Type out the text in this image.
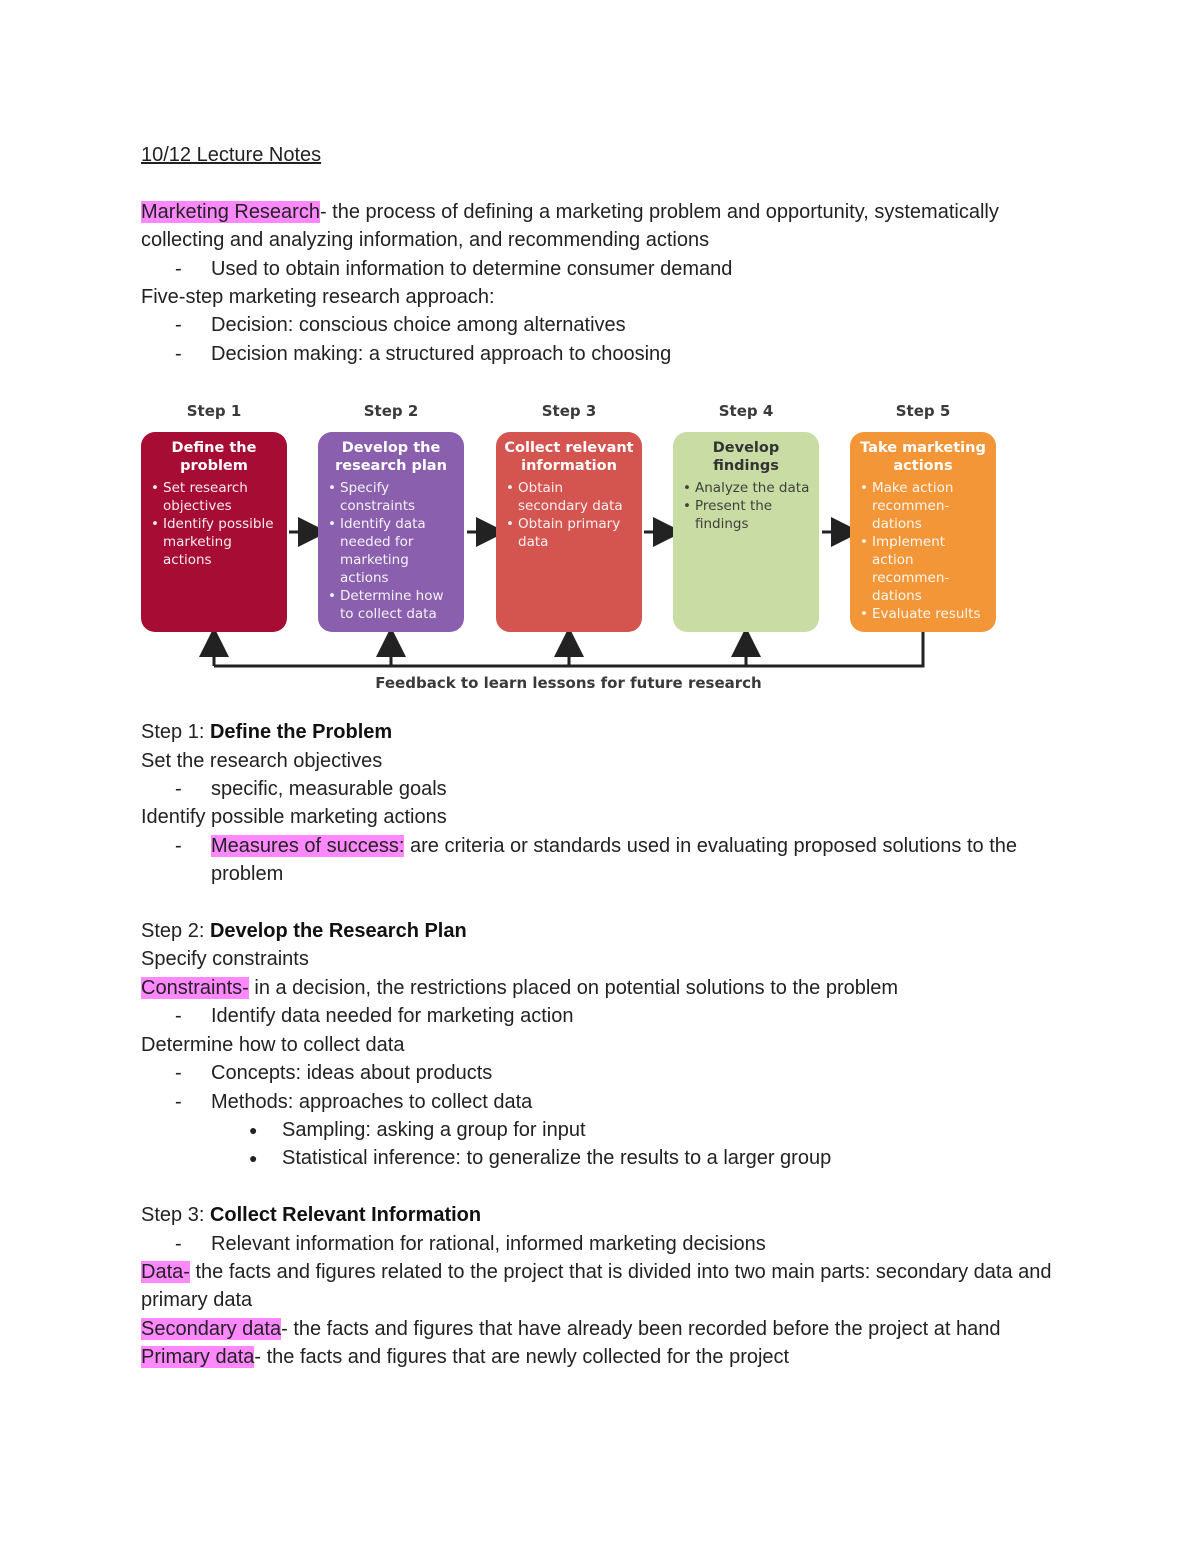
10/12 Lecture Notes
Marketing Research- the process of defining a marketing problem and opportunity, systematically collecting and analyzing information, and recommending actions
- Used to obtain information to determine consumer demand
Five-step marketing research approach:
- Decision: conscious choice among alternatives
- Decision making: a structured approach to choosing
Step 1	Step 2	Step 3	Step 4	Step 5
Define the problem
• Set research objectives
• Identify possible marketing actions
Develop the research plan
• Specify constraints
• Identify data needed for marketing actions
• Determine how to collect data
Collect relevant information
• Obtain secondary data
• Obtain primary data
Develop findings
• Analyze the data
• Present the findings
Take marketing actions
• Make action recommen- dations
• Implement action recommen- dations
• Evaluate results
Feedback to learn lessons for future research
Step 1: Define the Problem
Set the research objectives
- specific, measurable goals
Identify possible marketing actions
- Measures of success: are criteria or standards used in evaluating proposed solutions to the problem
Step 2: Develop the Research Plan
Specify constraints
Constraints- in a decision, the restrictions placed on potential solutions to the problem
- Identify data needed for marketing action
Determine how to collect data
- Concepts: ideas about products
- Methods: approaches to collect data
● Sampling: asking a group for input
● Statistical inference: to generalize the results to a larger group
Step 3: Collect Relevant Information
- Relevant information for rational, informed marketing decisions
Data- the facts and figures related to the project that is divided into two main parts: secondary data and primary data
Secondary data- the facts and figures that have already been recorded before the project at hand
Primary data- the facts and figures that are newly collected for the project
